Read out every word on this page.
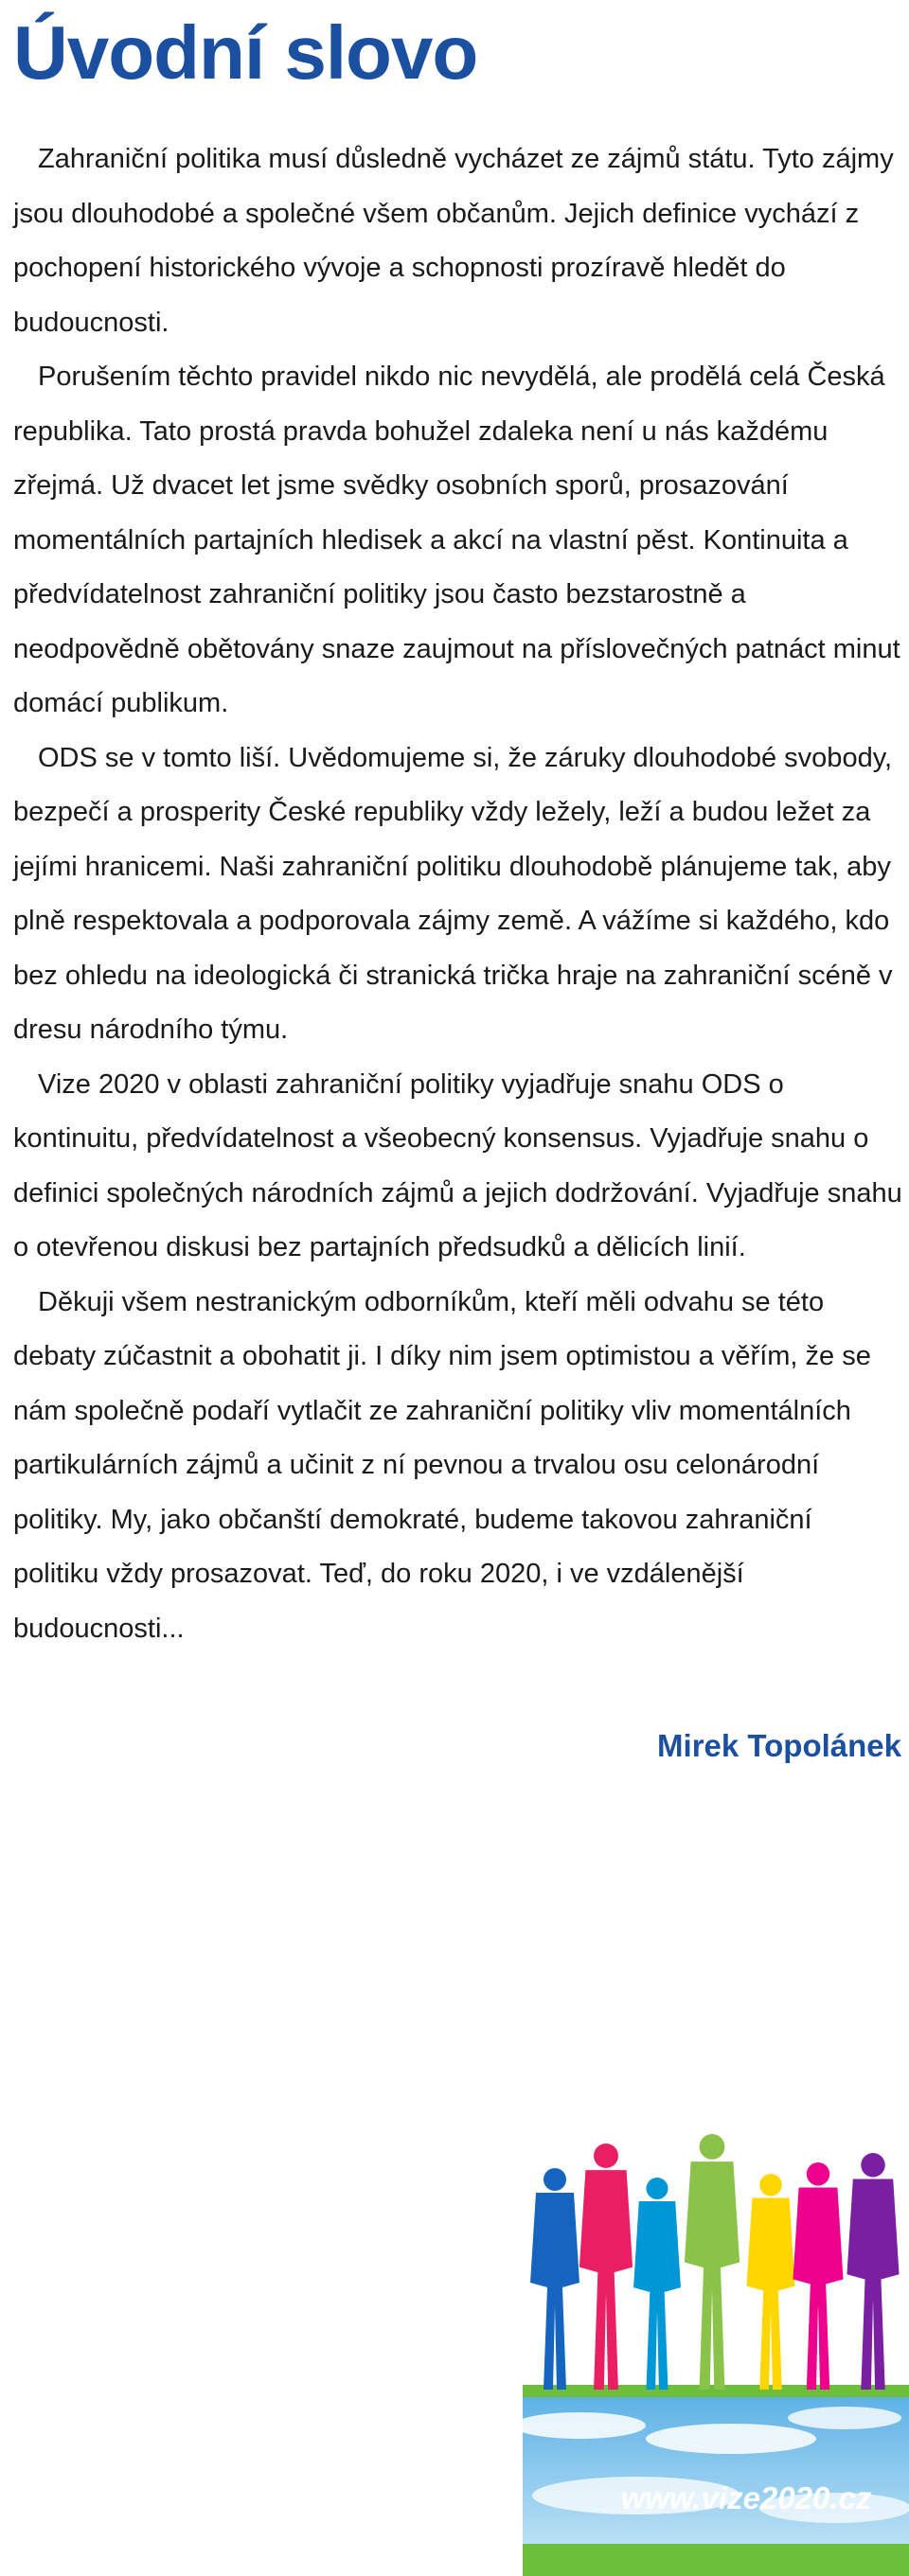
Úvodní slovo

Zahraniční politika musí důsledně vycházet ze zájmů státu. Tyto zájmy jsou dlouhodobé a společné všem občanům. Jejich definice vychází z pochopení historického vývoje a schopnosti prozíravě hledět do budoucnosti.

Porušením těchto pravidel nikdo nic nevydělá, ale prodělá celá Česká republika. Tato prostá pravda bohužel zdaleka není u nás každému zřejmá. Už dvacet let jsme svědky osobních sporů, prosazování momentálních partajních hledisek a akcí na vlastní pěst. Kontinuita a předvídatelnost zahraniční politiky jsou často bezstarostně a neodpovědně obětovány snaze zaujmout na příslovečných patnáct minut domácí publikum.

ODS se v tomto liší. Uvědomujeme si, že záruky dlouhodobé svobody, bezpečí a prosperity České republiky vždy ležely, leží a budou ležet za jejími hranicemi. Naši zahraniční politiku dlouhodobě plánujeme tak, aby plně respektovala a podporovala zájmy země. A vážíme si každého, kdo bez ohledu na ideologická či stranická trička hraje na zahraniční scéně v dresu národního týmu.

Vize 2020 v oblasti zahraniční politiky vyjadřuje snahu ODS o kontinuitu, předvídatelnost a všeobecný konsensus. Vyjadřuje snahu o definici společných národních zájmů a jejich dodržování. Vyjadřuje snahu o otevřenou diskusi bez partajních předsudků a dělicích linií.

Děkuji všem nestranickým odborníkům, kteří měli odvahu se této debaty zúčastnit a obohatit ji. I díky nim jsem optimistou a věřím, že se nám společně podaří vytlačit ze zahraniční politiky vliv momentálních partikulárních zájmů a učinit z ní pevnou a trvalou osu celonárodní politiky. My, jako občanští demokraté, budeme takovou zahraniční politiku vždy prosazovat. Teď, do roku 2020, i ve vzdálenější budoucnosti...

Mirek Topolánek
www.vize2020.cz
